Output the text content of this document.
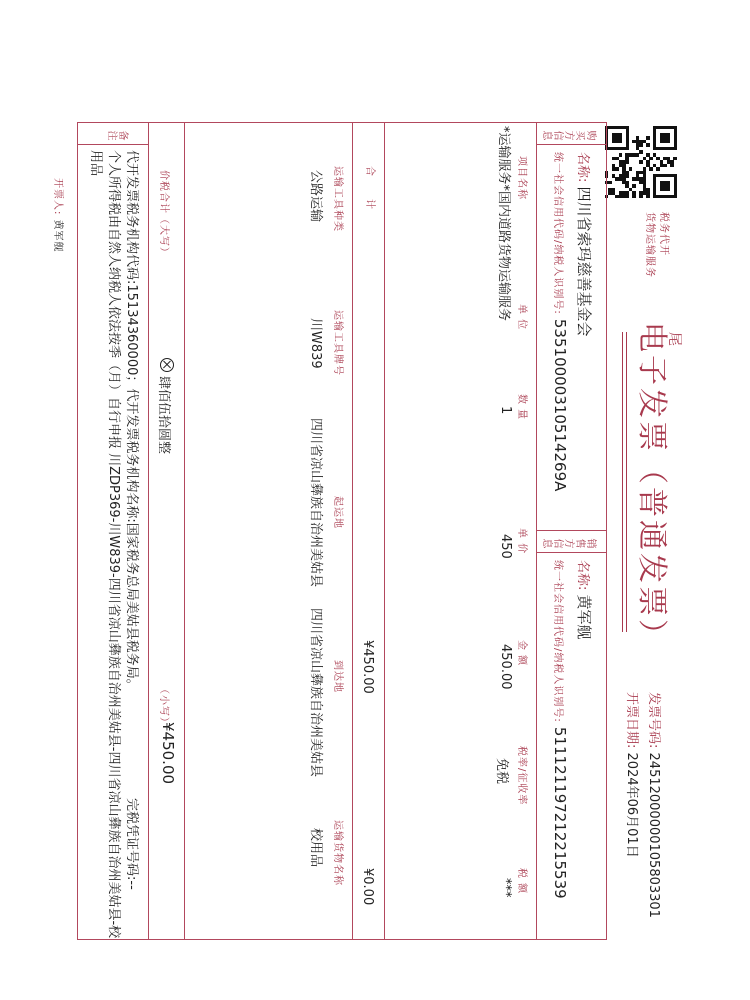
税务代开
货物运输服务
尾
电子发票（普通发票）
发票号码: 24512000000105803301
开票日期: 2024年06月01日
购买方信息
名称: 四川省索玛慈善基金会
统一社会信用代码/纳税人识别号: 53510000310514269A
销售方信息
名称: 黄军舰
统一社会信用代码/纳税人识别号: 511121197212215539
项目名称
单 位
数 量
单 价
金 额
税率/征收率
税 额
*运输服务*国内道路货物运输服务
1
450
450.00
免税
***
合　　计
¥450.00
¥0.00
运输工具种类
运输工具牌号
起运地
到达地
运输货物名称
公路运输
川W839
四川省凉山彝族自治州美姑县
四川省凉山彝族自治州美姑县
校用品
价税合计（大写）
肆佰伍拾圆整
（小写）
¥450.00
备注
代开发票税务机构代码:15134360000；代开发票税务机构名称:国家税务总局美姑县税务局。
完税凭证号码:--
个人所得税由自然人纳税人依法按季（月）自行申报 川ZDP369-川W839-四川省凉山彝族自治州美姑县-四川省凉山彝族自治州美姑县-校
用品
开票人: 黄军舰
